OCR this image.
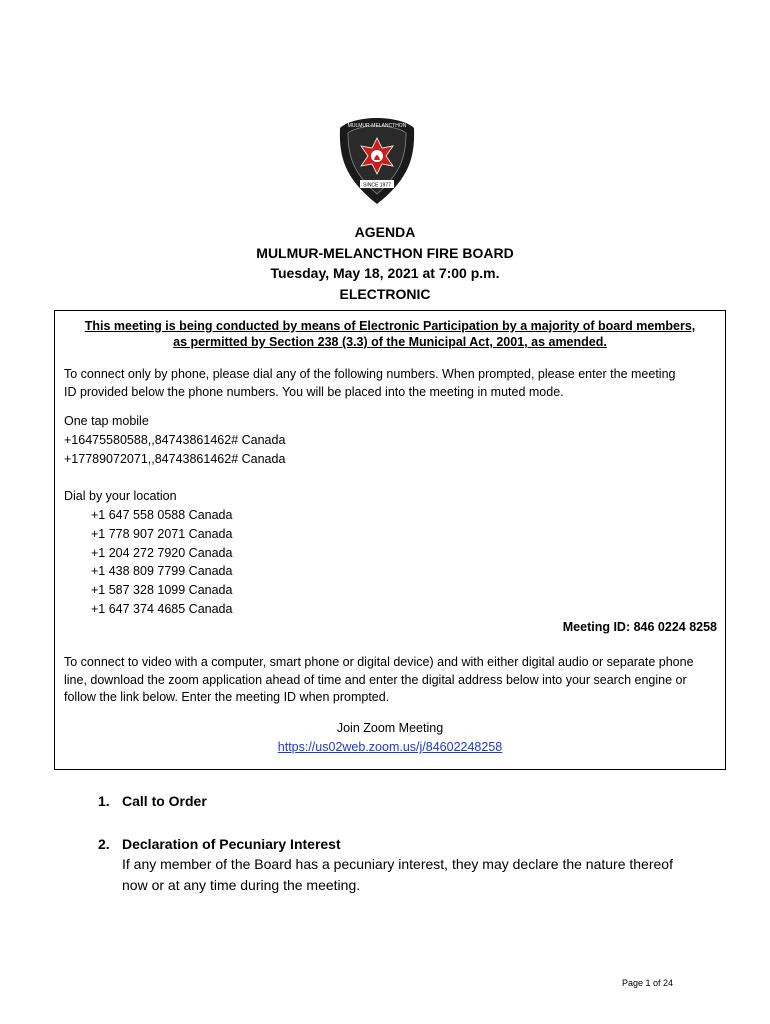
MULMUR-MELANCTHON
SINCE 1977
AGENDA
MULMUR-MELANCTHON FIRE BOARD
Tuesday, May 18, 2021 at 7:00 p.m.
ELECTRONIC
This meeting is being conducted by means of Electronic Participation by a majority of board members,
as permitted by Section 238 (3.3) of the Municipal Act, 2001, as amended.
To connect only by phone, please dial any of the following numbers. When prompted, please enter the meeting
ID provided below the phone numbers. You will be placed into the meeting in muted mode.
One tap mobile
+16475580588,,84743861462# Canada
+17789072071,,84743861462# Canada
Dial by your location
+1 647 558 0588 Canada
+1 778 907 2071 Canada
+1 204 272 7920 Canada
+1 438 809 7799 Canada
+1 587 328 1099 Canada
+1 647 374 4685 Canada
Meeting ID: 846 0224 8258
To connect to video with a computer, smart phone or digital device) and with either digital audio or separate phone
line, download the zoom application ahead of time and enter the digital address below into your search engine or
follow the link below. Enter the meeting ID when prompted.
Join Zoom Meeting
https://us02web.zoom.us/j/84602248258
1. Call to Order
2. Declaration of Pecuniary Interest
If any member of the Board has a pecuniary interest, they may declare the nature thereof
now or at any time during the meeting.
Page 1 of 24
